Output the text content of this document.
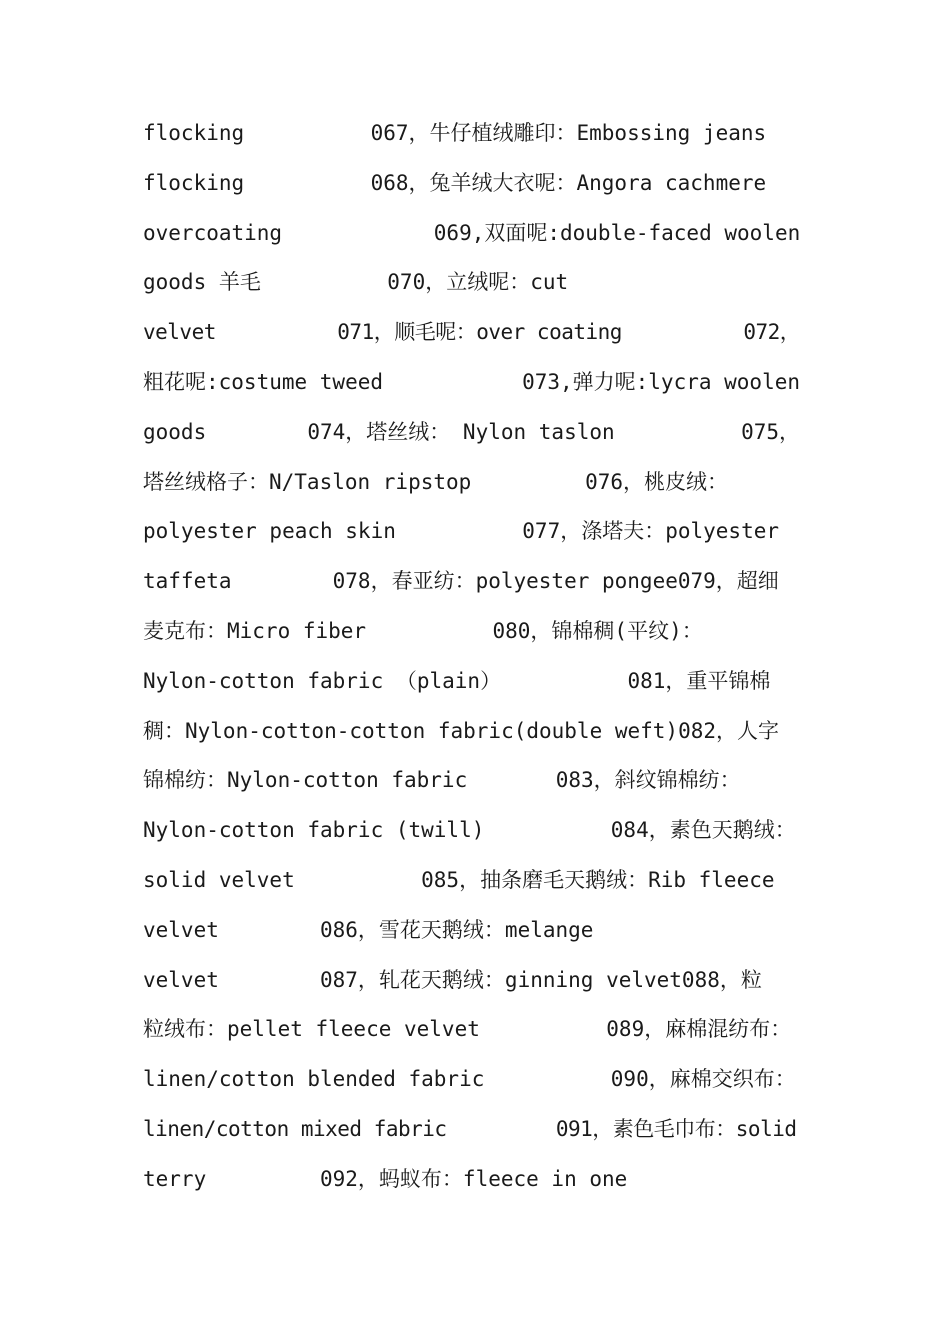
flocking          067，牛仔植绒雕印：Embossing jeans
flocking          068，兔羊绒大衣呢：Angora cachmere
overcoating            069,双面呢:double-faced woolen
goods 羊毛          070，立绒呢：cut
velvet          071，顺毛呢：over coating          072，
粗花呢:costume tweed           073,弹力呢:lycra woolen
goods        074，塔丝绒： Nylon taslon          075，
塔丝绒格子：N/Taslon ripstop         076，桃皮绒：
polyester peach skin          077，涤塔夫：polyester
taffeta        078，春亚纺：polyester pongee079，超细
麦克布：Micro fiber          080，锦棉稠(平纹)：
Nylon-cotton fabric （plain）          081，重平锦棉
稠：Nylon-cotton-cotton fabric(double weft)082，人字
锦棉纺：Nylon-cotton fabric       083，斜纹锦棉纺：
Nylon-cotton fabric (twill)          084，素色天鹅绒：
solid velvet          085，抽条磨毛天鹅绒：Rib fleece
velvet        086，雪花天鹅绒：melange
velvet        087，轧花天鹅绒：ginning velvet088，粒
粒绒布：pellet fleece velvet          089，麻棉混纺布：
linen/cotton blended fabric          090，麻棉交织布：
linen/cotton mixed fabric         091，素色毛巾布：solid
terry         092，蚂蚁布：fleece in one
